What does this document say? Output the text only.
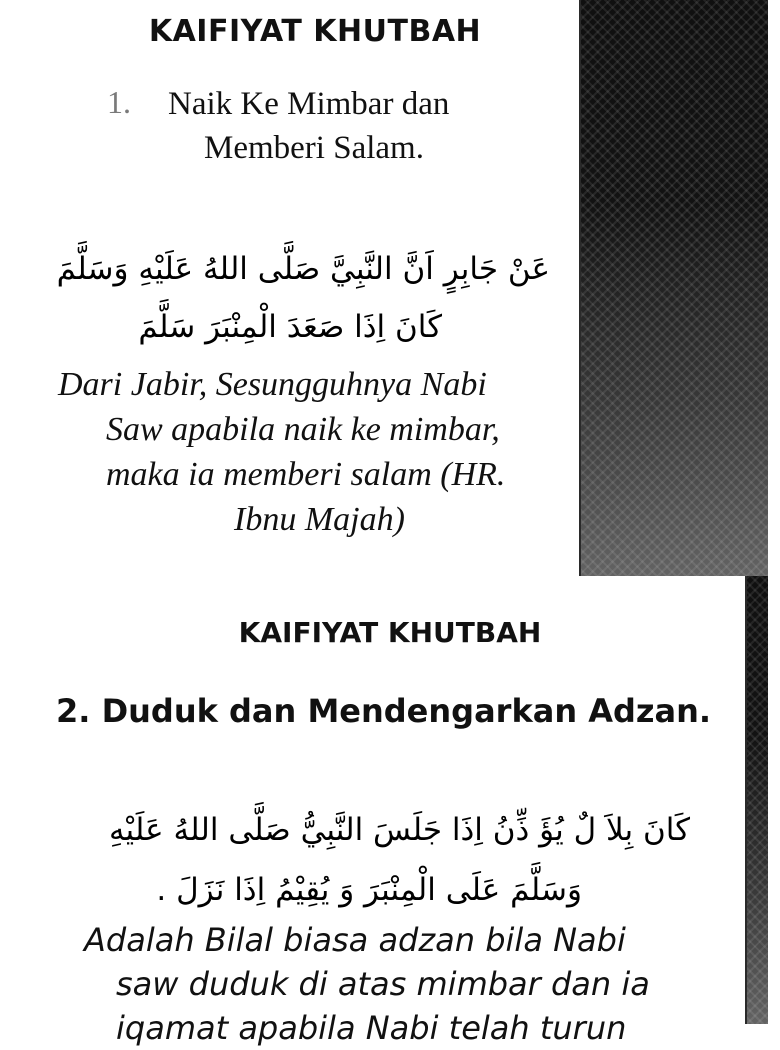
KAIFIYAT KHUTBAH
1. Naik Ke Mimbar dan
Memberi Salam.

عَنْ جَابِرٍ اَنَّ النَّبِيَّ صَلَّى اللهُ عَلَيْهِ وَسَلَّمَ

كَانَ اِذَا صَعَدَ الْمِنْبَرَ سَلَّمَ

Dari Jabir, Sesungguhnya Nabi
Saw apabila naik ke mimbar,
maka ia memberi salam (HR.
Ibnu Majah)

KAIFIYAT KHUTBAH
2. Duduk dan Mendengarkan Adzan.

كَانَ بِلاَ لٌ يُؤَ ذِّنُ اِذَا جَلَسَ النَّبِيُّ صَلَّى اللهُ عَلَيْهِ

وَسَلَّمَ عَلَى الْمِنْبَرَ وَ يُقِيْمُ اِذَا نَزَلَ .

Adalah Bilal biasa adzan bila Nabi
saw duduk di atas mimbar dan ia
iqamat apabila Nabi telah turun
